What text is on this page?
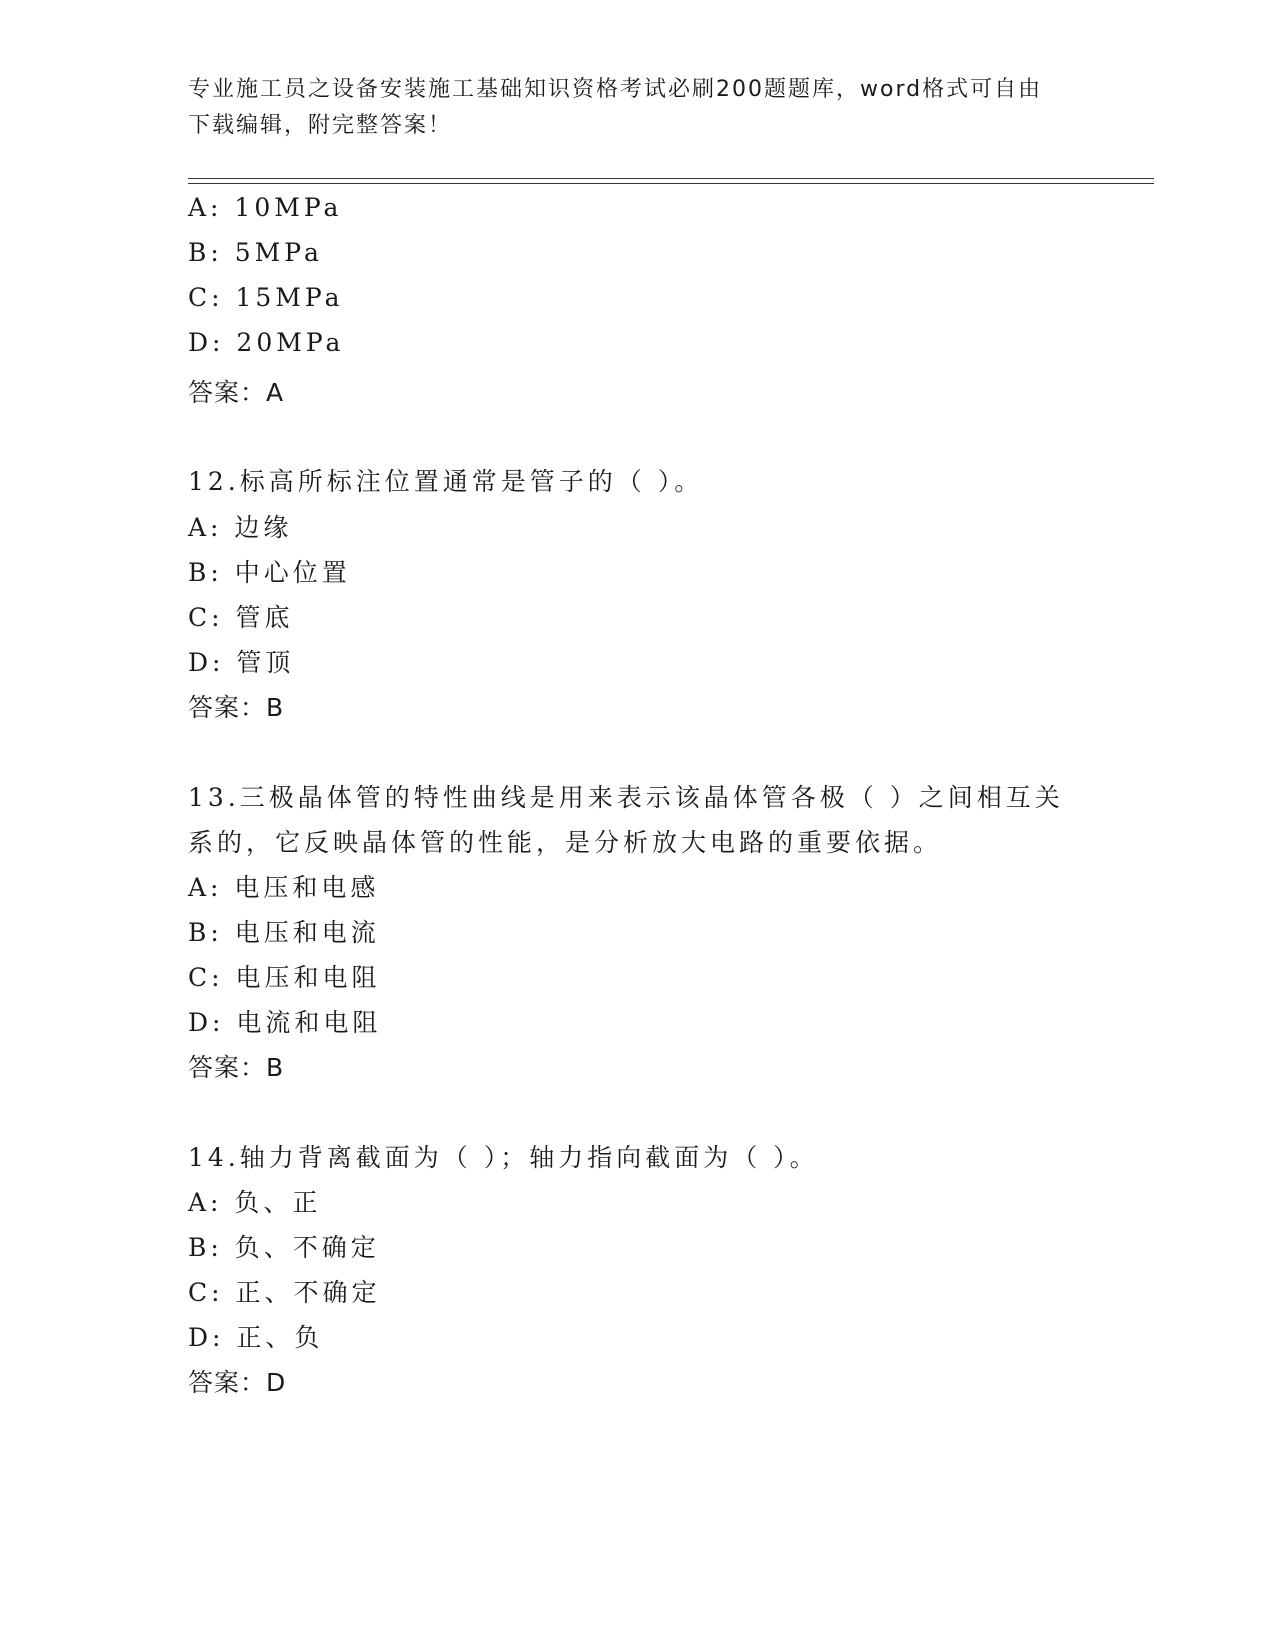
专业施工员之设备安装施工基础知识资格考试必刷200题题库，word格式可自由
下载编辑，附完整答案！
A: 10MPa
B: 5MPa
C: 15MPa
D: 20MPa
答案：A
12.标高所标注位置通常是管子的（ ）。
A: 边缘
B: 中心位置
C: 管底
D: 管顶
答案：B
13.三极晶体管的特性曲线是用来表示该晶体管各极（ ）之间相互关
系的，它反映晶体管的性能，是分析放大电路的重要依据。
A: 电压和电感
B: 电压和电流
C: 电压和电阻
D: 电流和电阻
答案：B
14.轴力背离截面为（ ）；轴力指向截面为（ ）。
A: 负、正
B: 负、不确定
C: 正、不确定
D: 正、负
答案：D
